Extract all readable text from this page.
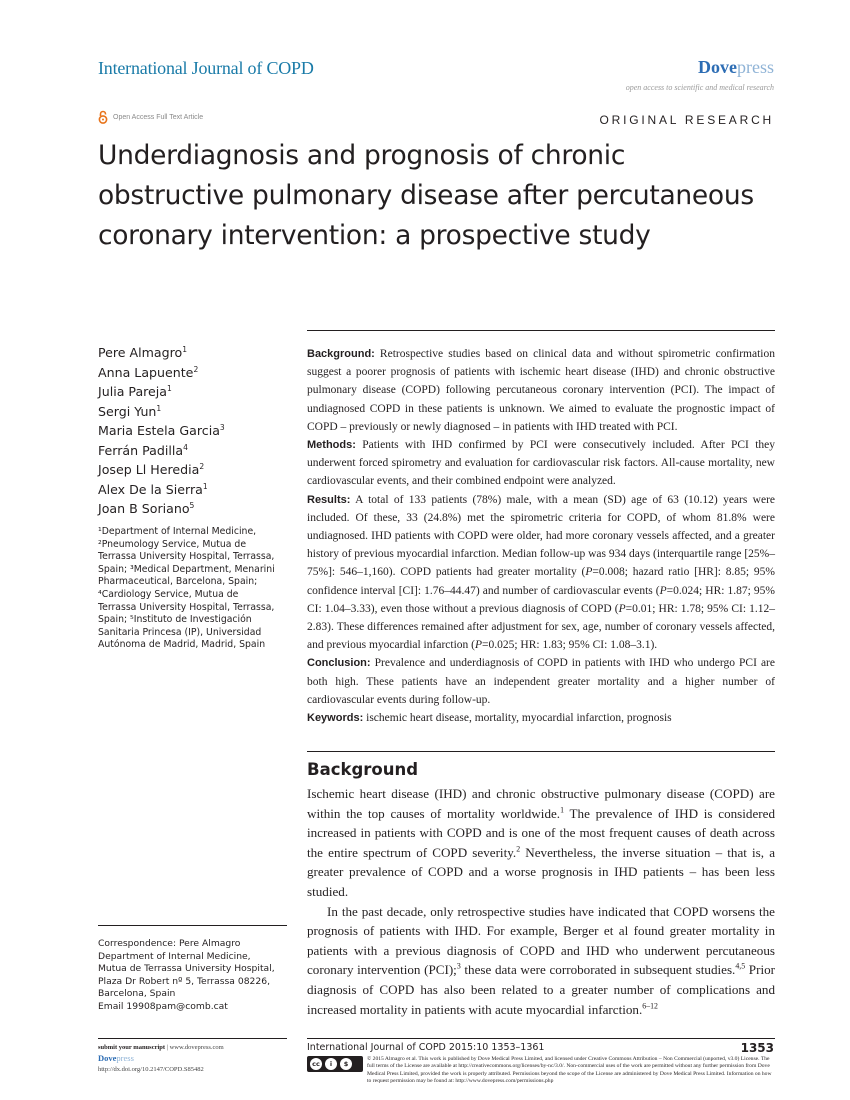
International Journal of COPD	Dovepress
open access to scientific and medical research
Open Access Full Text Article	ORIGINAL RESEARCH
Underdiagnosis and prognosis of chronic
obstructive pulmonary disease after percutaneous
coronary intervention: a prospective study
Pere Almagro$^1$
Anna Lapuente$^2$
Julia Pareja$^1$
Sergi Yun$^1$
Maria Estela Garcia$^3$
Ferrán Padilla$^4$
Josep Ll Heredia$^2$
Alex De la Sierra$^1$
Joan B Soriano$^5$
¹Department of Internal Medicine,
²Pneumology Service, Mutua de
Terrassa University Hospital, Terrassa,
Spain; ³Medical Department, Menarini
Pharmaceutical, Barcelona, Spain;
⁴Cardiology Service, Mutua de
Terrassa University Hospital, Terrassa,
Spain; ⁵Instituto de Investigación
Sanitaria Princesa (IP), Universidad
Autónoma de Madrid, Madrid, Spain
Correspondence: Pere Almagro
Department of Internal Medicine,
Mutua de Terrassa University Hospital,
Plaza Dr Robert nº 5, Terrassa 08226,
Barcelona, Spain
Email 19908pam@comb.cat

Background: Retrospective studies based on clinical data and without spirometric confirmation suggest a poorer prognosis of patients with ischemic heart disease (IHD) and chronic obstructive pulmonary disease (COPD) following percutaneous coronary intervention (PCI). The impact of undiagnosed COPD in these patients is unknown. We aimed to evaluate the prognostic impact of COPD – previously or newly diagnosed – in patients with IHD treated with PCI.

Methods: Patients with IHD confirmed by PCI were consecutively included. After PCI they underwent forced spirometry and evaluation for cardiovascular risk factors. All-cause mortality, new cardiovascular events, and their combined endpoint were analyzed.

Results: A total of 133 patients (78%) male, with a mean (SD) age of 63 (10.12) years were included. Of these, 33 (24.8%) met the spirometric criteria for COPD, of whom 81.8% were undiagnosed. IHD patients with COPD were older, had more coronary vessels affected, and a greater history of previous myocardial infarction. Median follow-up was 934 days (interquartile range [25%–75%]: 546–1,160). COPD patients had greater mortality (P=0.008; hazard ratio [HR]: 8.85; 95% confidence interval [CI]: 1.76–44.47) and number of cardiovascular events (P=0.024; HR: 1.87; 95% CI: 1.04–3.33), even those without a previous diagnosis of COPD (P=0.01; HR: 1.78; 95% CI: 1.12–2.83). These differences remained after adjustment for sex, age, number of coronary vessels affected, and previous myocardial infarction (P=0.025; HR: 1.83; 95% CI: 1.08–3.1).

Conclusion: Prevalence and underdiagnosis of COPD in patients with IHD who undergo PCI are both high. These patients have an independent greater mortality and a higher number of cardiovascular events during follow-up.

Keywords: ischemic heart disease, mortality, myocardial infarction, prognosis

Background

Ischemic heart disease (IHD) and chronic obstructive pulmonary disease (COPD) are within the top causes of mortality worldwide.$^1$ The prevalence of IHD is considered increased in patients with COPD and is one of the most frequent causes of death across the entire spectrum of COPD severity.$^2$ Nevertheless, the inverse situation – that is, a greater prevalence of COPD and a worse prognosis in IHD patients – has been less studied.

In the past decade, only retrospective studies have indicated that COPD worsens the prognosis of patients with IHD. For example, Berger et al found greater mortality in patients with a previous diagnosis of COPD and IHD who underwent percutaneous coronary intervention (PCI);$^3$ these data were corroborated in subsequent studies.$^{4,5}$ Prior diagnosis of COPD has also been related to a greater number of complications and increased mortality in patients with acute myocardial infarction.$^{6-12}$

submit your manuscript | www.dovepress.com
Dovepress
http://dx.doi.org/10.2147/COPD.S85482
International Journal of COPD 2015:10 1353–1361	1353
cc	i	$
© 2015 Almagro et al. This work is published by Dove Medical Press Limited, and licensed under Creative Commons Attribution – Non Commercial (unported, v3.0) License. The full terms of the License are available at http://creativecommons.org/licenses/by-nc/3.0/. Non-commercial uses of the work are permitted without any further permission from Dove Medical Press Limited, provided the work is properly attributed. Permissions beyond the scope of the License are administered by Dove Medical Press Limited. Information on how to request permission may be found at: http://www.dovepress.com/permissions.php
